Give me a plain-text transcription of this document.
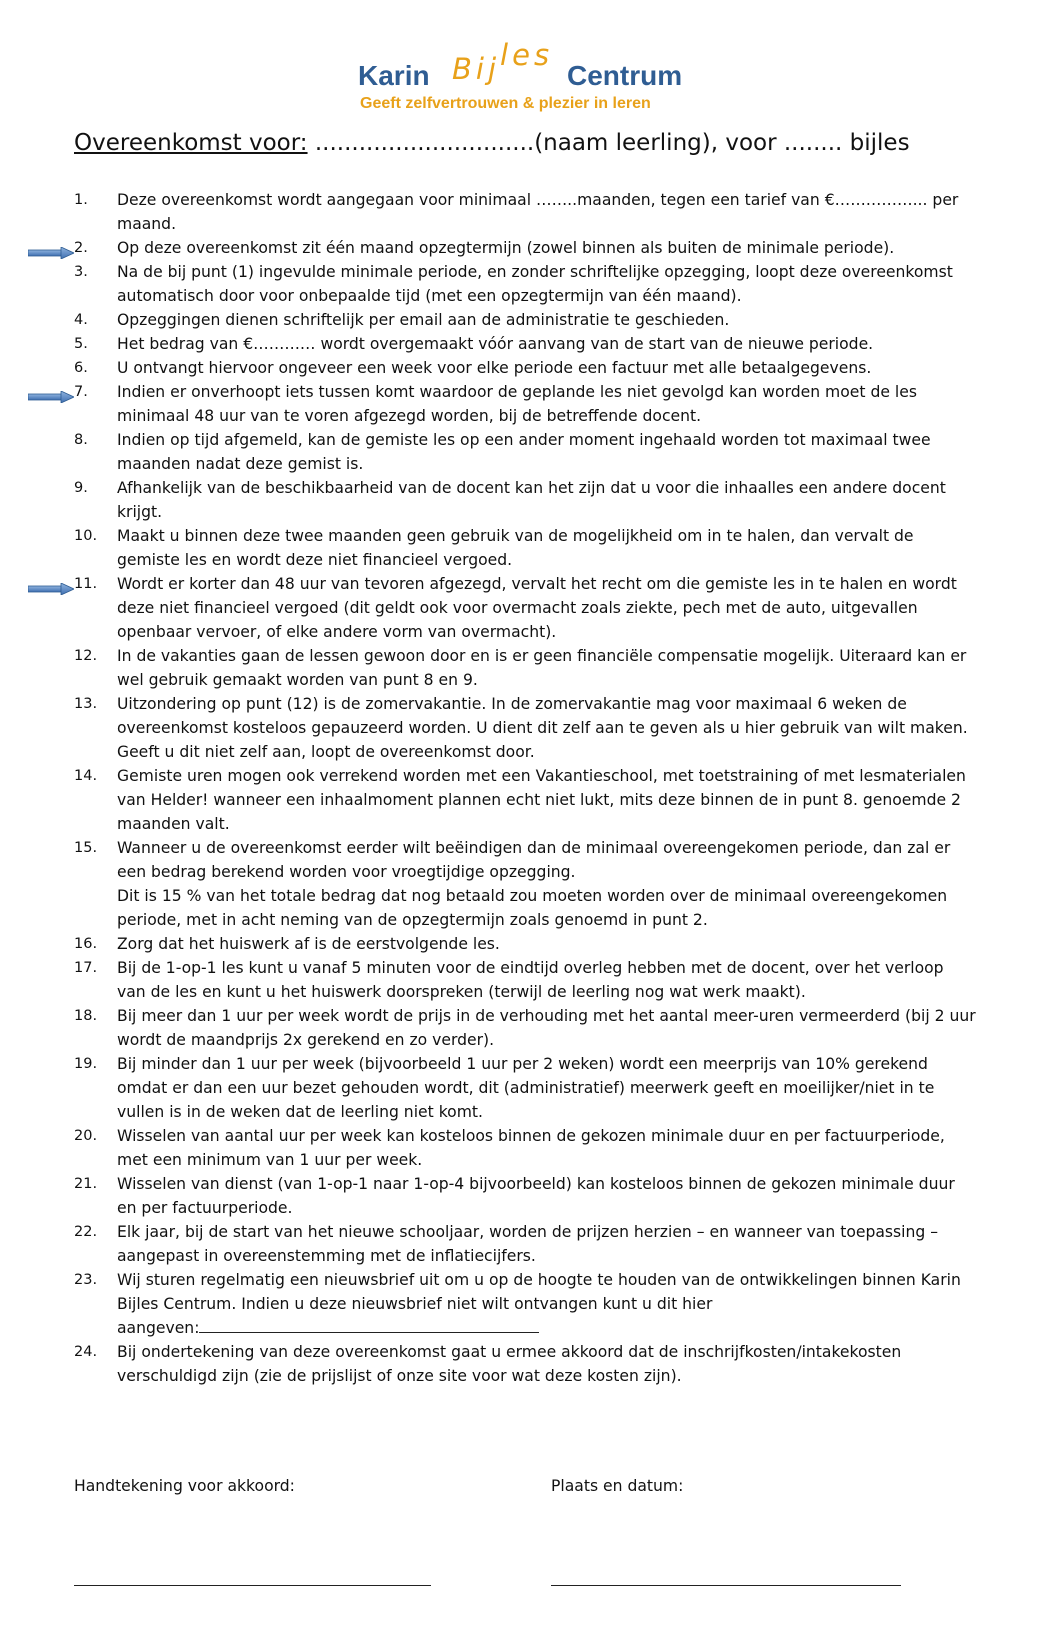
Karin Bijles
Centrum
Geeft zelfvertrouwen & plezier in leren
Overeenkomst voor: ..............................(naam leerling), voor ........ bijles
1. Deze overeenkomst wordt aangegaan voor minimaal ……..maanden, tegen een tarief van €……………... per maand.
2. Op deze overeenkomst zit één maand opzegtermijn (zowel binnen als buiten de minimale periode).
3. Na de bij punt (1) ingevulde minimale periode, en zonder schriftelijke opzegging, loopt deze overeenkomst automatisch door voor onbepaalde tijd (met een opzegtermijn van één maand).
4. Opzeggingen dienen schriftelijk per email aan de administratie te geschieden.
5. Het bedrag van €………… wordt overgemaakt vóór aanvang van de start van de nieuwe periode.
6. U ontvangt hiervoor ongeveer een week voor elke periode een factuur met alle betaalgegevens.
7. Indien er onverhoopt iets tussen komt waardoor de geplande les niet gevolgd kan worden moet de les minimaal 48 uur van te voren afgezegd worden, bij de betreffende docent.
8. Indien op tijd afgemeld, kan de gemiste les op een ander moment ingehaald worden tot maximaal twee maanden nadat deze gemist is.
9. Afhankelijk van de beschikbaarheid van de docent kan het zijn dat u voor die inhaalles een andere docent krijgt.
10. Maakt u binnen deze twee maanden geen gebruik van de mogelijkheid om in te halen, dan vervalt de gemiste les en wordt deze niet financieel vergoed.
11. Wordt er korter dan 48 uur van tevoren afgezegd, vervalt het recht om die gemiste les in te halen en wordt deze niet financieel vergoed (dit geldt ook voor overmacht zoals ziekte, pech met de auto, uitgevallen openbaar vervoer, of elke andere vorm van overmacht).
12. In de vakanties gaan de lessen gewoon door en is er geen financiële compensatie mogelijk. Uiteraard kan er wel gebruik gemaakt worden van punt 8 en 9.
13. Uitzondering op punt (12) is de zomervakantie. In de zomervakantie mag voor maximaal 6 weken de overeenkomst kosteloos gepauzeerd worden. U dient dit zelf aan te geven als u hier gebruik van wilt maken. Geeft u dit niet zelf aan, loopt de overeenkomst door.
14. Gemiste uren mogen ook verrekend worden met een Vakantieschool, met toetstraining of met lesmaterialen van Helder! wanneer een inhaalmoment plannen echt niet lukt, mits deze binnen de in punt 8. genoemde 2 maanden valt.
15. Wanneer u de overeenkomst eerder wilt beëindigen dan de minimaal overeengekomen periode, dan zal er een bedrag berekend worden voor vroegtijdige opzegging.
Dit is 15 % van het totale bedrag dat nog betaald zou moeten worden over de minimaal overeengekomen periode, met in acht neming van de opzegtermijn zoals genoemd in punt 2.
16. Zorg dat het huiswerk af is de eerstvolgende les.
17. Bij de 1-op-1 les kunt u vanaf 5 minuten voor de eindtijd overleg hebben met de docent, over het verloop van de les en kunt u het huiswerk doorspreken (terwijl de leerling nog wat werk maakt).
18. Bij meer dan 1 uur per week wordt de prijs in de verhouding met het aantal meer-uren vermeerderd (bij 2 uur wordt de maandprijs 2x gerekend en zo verder).
19. Bij minder dan 1 uur per week (bijvoorbeeld 1 uur per 2 weken) wordt een meerprijs van 10% gerekend omdat er dan een uur bezet gehouden wordt, dit (administratief) meerwerk geeft en moeilijker/niet in te vullen is in de weken dat de leerling niet komt.
20. Wisselen van aantal uur per week kan kosteloos binnen de gekozen minimale duur en per factuurperiode, met een minimum van 1 uur per week.
21. Wisselen van dienst (van 1-op-1 naar 1-op-4 bijvoorbeeld) kan kosteloos binnen de gekozen minimale duur en per factuurperiode.
22. Elk jaar, bij de start van het nieuwe schooljaar, worden de prijzen herzien – en wanneer van toepassing – aangepast in overeenstemming met de inflatiecijfers.
23. Wij sturen regelmatig een nieuwsbrief uit om u op de hoogte te houden van de ontwikkelingen binnen Karin Bijles Centrum. Indien u deze nieuwsbrief niet wilt ontvangen kunt u dit hier
aangeven:
24. Bij ondertekening van deze overeenkomst gaat u ermee akkoord dat de inschrijfkosten/intakekosten verschuldigd zijn (zie de prijslijst of onze site voor wat deze kosten zijn).
Handtekening voor akkoord:	Plaats en datum:
